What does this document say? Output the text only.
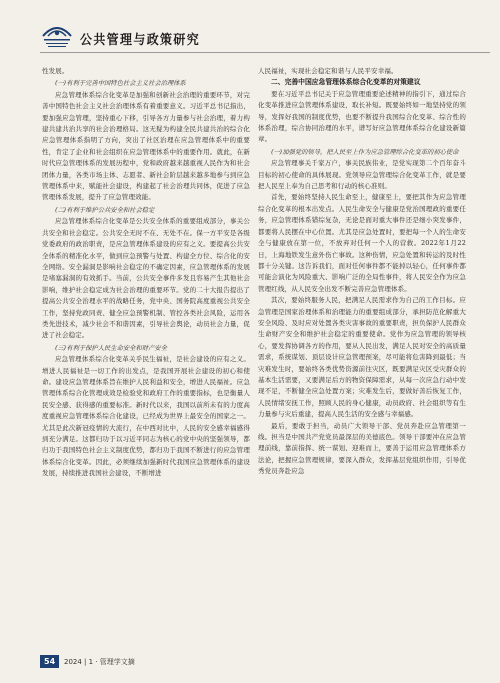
公共管理与政策研究

性发展。

(一)有利于完善中国特色社会主义社会治理体系

应急管理体系综合化变革是加强和创新社会治理的重要环节，对完善中国特色社会主义社会治理体系有着重要意义。习近平总书记指出，要加强应急管理，坚持重心下移，引导各方力量参与社会治理，着力构建共建共治共享的社会治理格局。这无疑为构建全民共建共治的综合化应急管理体系指明了方向，突出了社区治理在应急管理体系中的重要性，肯定了企业和社会组织在应急管理体系中的重要作用。就此，在新时代应急管理体系的发展历程中，党和政府越来越重视人民作为和社会团体力量，各类市场主体、志愿者、新社会阶层越来越多地参与到应急管理体系中来，赋能社会建设，构建起了社会治理共同体，促进了应急管理体系发展，提升了应急管理效能。

(二)有利于维护公共安全和社会稳定

应急管理体系综合化变革是公共安全体系的重要组成部分，事关公共安全和社会稳定。公共安全无时不在、无处不在。保一方平安是各级党委政府的政治职责，是应急管理体系建设的应有之义。要提高公共安全体系的精准化水平，做到应急预警与处置、构建全方位、综合化的安全网络。安全漏洞是影响社会稳定的不确定因素，应急管理体系的发展是堵塞漏洞的有效抓手。当前，公共安全事件多发且容易产生其他社会影响，维护社会稳定成为社会治理的重要环节。党的二十大报告提出了提高公共安全治理水平的战略任务，党中央、国务院高度重视公共安全工作，坚持党政同责、健全应急预警机制、管控各类社会风险，运用各类先进技术，减少社会不和谐因素，引导社会舆论，动员社会力量，促进了社会稳定。

(三)有利于保护人民生命安全和财产安全

应急管理体系综合化变革关乎民生福祉，是社会建设的应有之义。增进人民福祉是一切工作的出发点，是我国开展社会建设的初心和使命。建设应急管理体系旨在维护人民利益和安全，增进人民福祉。应急管理体系综合化管理成效是检验党和政府工作的重要指标，也是衡量人民安全感、获得感的重要标准。新时代以来，我国以前所未有的力度高度重视应急管理体系综合化建设，已经成为世界上最安全的国家之一。尤其是此次新冠疫情的大流行，在中西对比中，人民的安全感幸福感得到充分满足。这都归功于以习近平同志为核心的党中央的坚强领导，都归功于我国特色社会主义制度优势，都归功于我国不断进行的应急管理体系综合化变革。因此，必须继续加强新时代我国应急管理体系的建设发展，持续推进我国社会建设，不断增进

人民福祉，实现社会稳定和谐与人民平安幸福。

二、完善中国应急管理体系综合化变革的对策建议

要在习近平总书记关于应急管理重要论述精神的指引下，通过综合化变革推进应急管理体系建设，取长补短。既要始终如一地坚持党的领导，发挥好我国的制度优势，也要不断提升我国综合化变革、综合性的体系治理，综合协同治理的水平，谱写好应急管理体系综合化建设新篇章。

(一)加强党的领导，把人民至上作为应急管理综合化变革的初心使命

应急管理事关千家万户，事关民族伟业，是党实现第二个百年奋斗目标的初心使命的具体展现。党领导应急管理综合化变革工作，就是要把人民至上奉为自己思考和行动的核心准则。

首先，要始终坚持人民生命至上，健康至上，要把其作为应急管理综合化变革的根本出发点。人民生命安全与健康是党治国理政的重要任务，应急管理体系错综复杂，无论是面对重大事件还是细小突发事件，都要将人民摆在中心位置。尤其是应急处置时，要把每一个人的生命安全与健康放在第一位，不放弃对任何一个人的营救。2022年1月22日，上海地铁发生意外伤亡事故。这种伤情，应急处置和转运的及时性都十分关键。这告诉我们，面对任何事件都不能掉以轻心，任何事件都可能会演化为风险重大、影响广泛的全局性事件，将人民安全作为应急管理红线，从人民安全出发不断完善应急管理体系。

其次，要始终服务人民，把满足人民需求作为自己的工作目标。应急管理是国家治理体系和治理能力的重要组成部分，承担防范化解重大安全风险、及时应对处置各类灾害事故的重要职责，担负保护人民群众生命财产安全和维护社会稳定的重要使命。党作为应急管理的领导核心，要发挥协调各方的作用，要从人民出发，满足人民对安全的高质量需求，系统谋划、顶层设计应急管理预案，尽可能将危害降到最低；当灾难发生时，要始终各类优势资源前往灾区，既要满足灾区受灾群众的基本生活需要，又要满足后方的物资保障需求，从每一次应急行动中发现不足，不断健全应急处置方案；灾难发生后，要做好善后恢复工作，人民情绪安抚工作，照顾人民的身心健康，动员政府、社会组织等有生力量参与灾后重建，提高人民生活的安全感与幸福感。

最后，要敢于担当，动员广大领导干部、党员奔赴应急管理第一线。担当是中国共产党党员最深层的美德底色。领导干部要冲在应急管理前线，靠前指挥、统一谋划、迎难而上，要善于运用应急管理体系方法论，把握应急管理规律，要深入群众，发挥基层党组织作用，引导优秀党员奔赴应急

54	2024 | 1 · 管理学文摘
